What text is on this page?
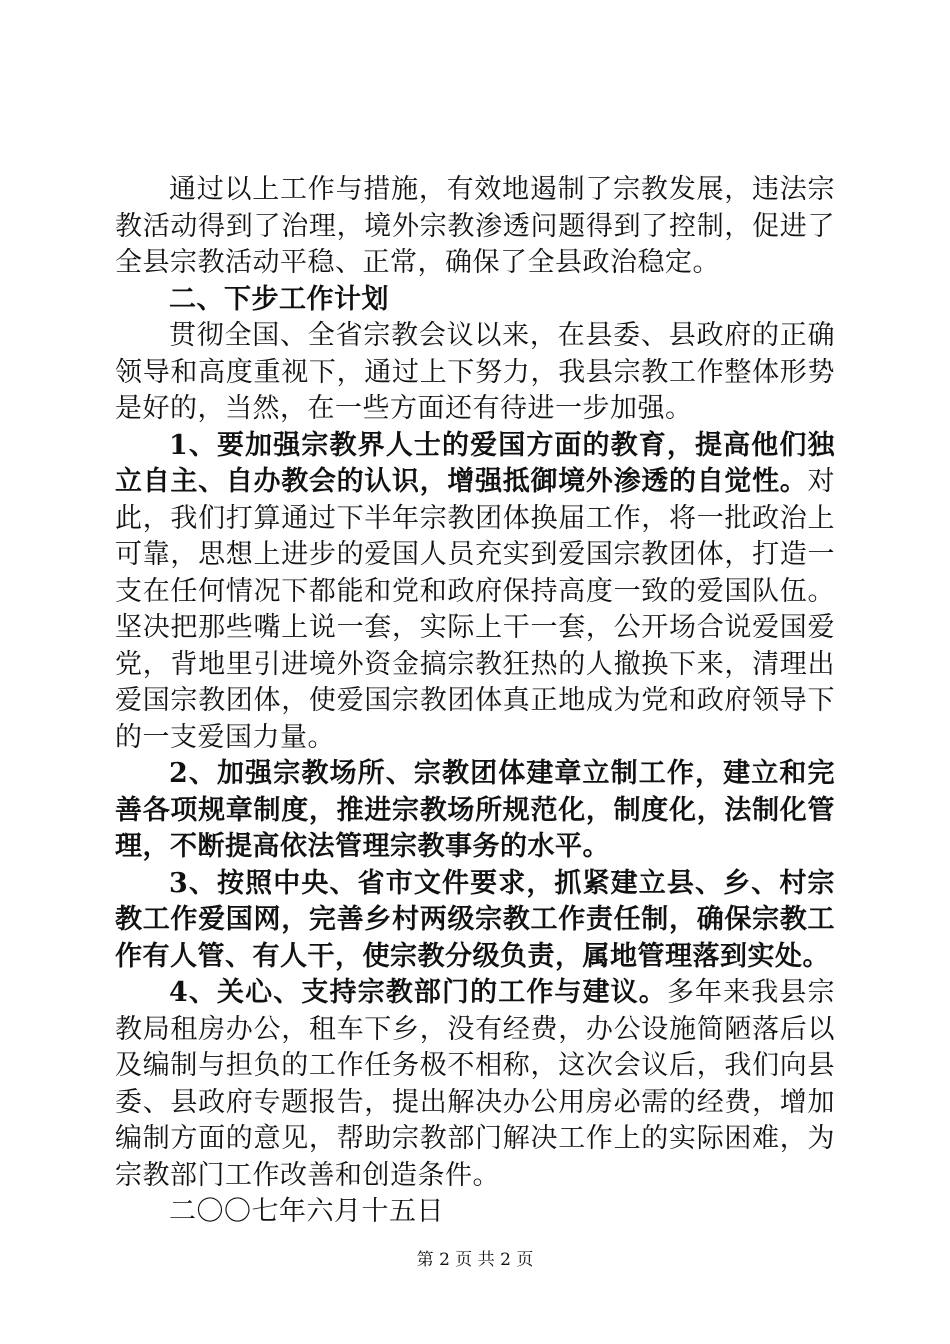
通过以上工作与措施，有效地遏制了宗教发展，违法宗教活动得到了治理，境外宗教渗透问题得到了控制，促进了全县宗教活动平稳、正常，确保了全县政治稳定。

二、下步工作计划

贯彻全国、全省宗教会议以来，在县委、县政府的正确领导和高度重视下，通过上下努力，我县宗教工作整体形势是好的，当然，在一些方面还有待进一步加强。

1、要加强宗教界人士的爱国方面的教育，提高他们独立自主、自办教会的认识，增强抵御境外渗透的自觉性。对此，我们打算通过下半年宗教团体换届工作，将一批政治上可靠，思想上进步的爱国人员充实到爱国宗教团体，打造一支在任何情况下都能和党和政府保持高度一致的爱国队伍。坚决把那些嘴上说一套，实际上干一套，公开场合说爱国爱党，背地里引进境外资金搞宗教狂热的人撤换下来，清理出爱国宗教团体，使爱国宗教团体真正地成为党和政府领导下的一支爱国力量。

2、加强宗教场所、宗教团体建章立制工作，建立和完善各项规章制度，推进宗教场所规范化，制度化，法制化管理，不断提高依法管理宗教事务的水平。

3、按照中央、省市文件要求，抓紧建立县、乡、村宗教工作爱国网，完善乡村两级宗教工作责任制，确保宗教工作有人管、有人干，使宗教分级负责，属地管理落到实处。

4、关心、支持宗教部门的工作与建议。多年来我县宗教局租房办公，租车下乡，没有经费，办公设施简陋落后以及编制与担负的工作任务极不相称，这次会议后，我们向县委、县政府专题报告，提出解决办公用房必需的经费，增加编制方面的意见，帮助宗教部门解决工作上的实际困难，为宗教部门工作改善和创造条件。

二〇〇七年六月十五日

第 2 页 共 2 页
